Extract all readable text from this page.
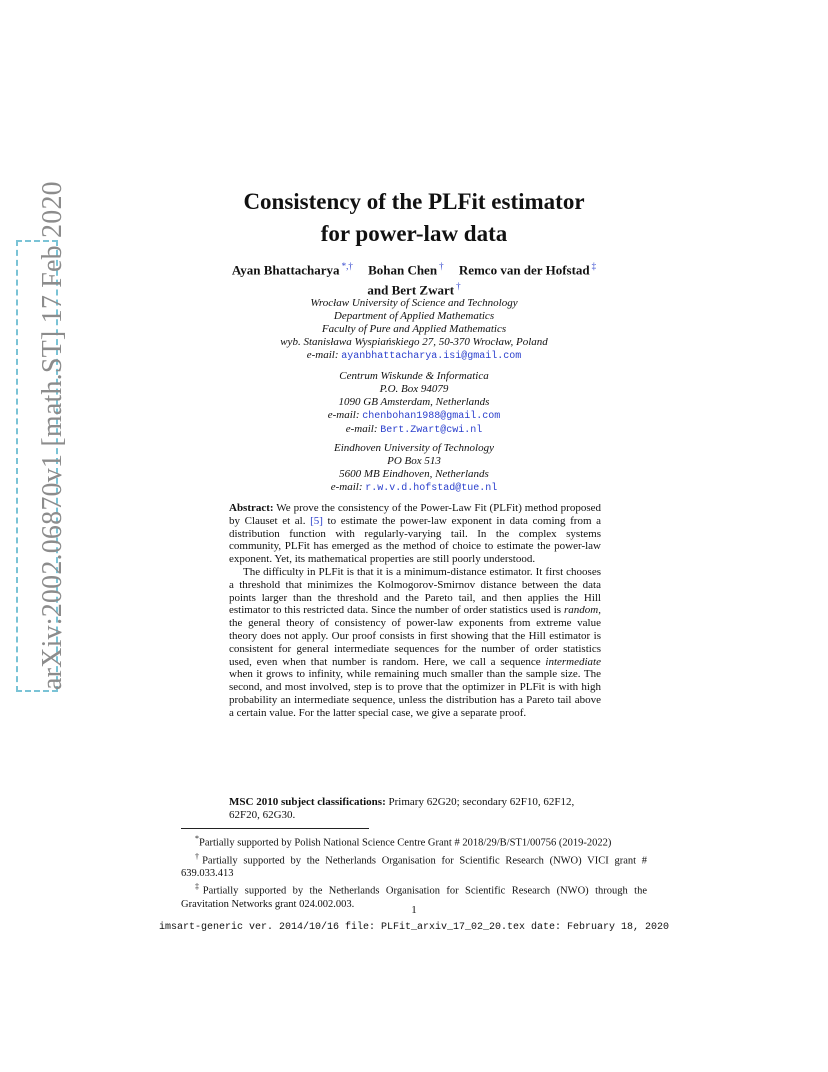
arXiv:2002.06870v1 [math.ST] 17 Feb 2020	Consistency of the PLFit estimator
for power-law data
Ayan Bhattacharya *,† Bohan Chen † Remco van der Hofstad ‡
and Bert Zwart †
Wrocław University of Science and Technology
Department of Applied Mathematics
Faculty of Pure and Applied Mathematics
wyb. Stanisława Wyspiańskiego 27, 50-370 Wrocław, Poland
e-mail: ayanbhattacharya.isi@gmail.com
Centrum Wiskunde & Informatica
P.O. Box 94079
1090 GB Amsterdam, Netherlands
e-mail: chenbohan1988@gmail.com
e-mail: Bert.Zwart@cwi.nl
Eindhoven University of Technology
PO Box 513
5600 MB Eindhoven, Netherlands
e-mail: r.w.v.d.hofstad@tue.nl

Abstract: We prove the consistency of the Power-Law Fit (PLFit) method proposed by Clauset et al. [5] to estimate the power-law exponent in data coming from a distribution function with regularly-varying tail. In the complex systems community, PLFit has emerged as the method of choice to estimate the power-law exponent. Yet, its mathematical properties are still poorly understood.

The difficulty in PLFit is that it is a minimum-distance estimator. It first chooses a threshold that minimizes the Kolmogorov-Smirnov distance between the data points larger than the threshold and the Pareto tail, and then applies the Hill estimator to this restricted data. Since the number of order statistics used is random, the general theory of consistency of power-law exponents from extreme value theory does not apply. Our proof consists in first showing that the Hill estimator is consistent for general intermediate sequences for the number of order statistics used, even when that number is random. Here, we call a sequence intermediate when it grows to infinity, while remaining much smaller than the sample size. The second, and most involved, step is to prove that the optimizer in PLFit is with high probability an intermediate sequence, unless the distribution has a Pareto tail above a certain value. For the latter special case, we give a separate proof.

MSC 2010 subject classifications: Primary 62G20; secondary 62F10, 62F12, 62F20, 62G30.

*Partially supported by Polish National Science Centre Grant # 2018/29/B/ST1/00756 (2019-2022)

†Partially supported by the Netherlands Organisation for Scientific Research (NWO) VICI grant # 639.033.413

‡Partially supported by the Netherlands Organisation for Scientific Research (NWO) through the Gravitation Networks grant 024.002.003.	1
imsart-generic ver. 2014/10/16 file: PLFit_arxiv_17_02_20.tex date: February 18, 2020
